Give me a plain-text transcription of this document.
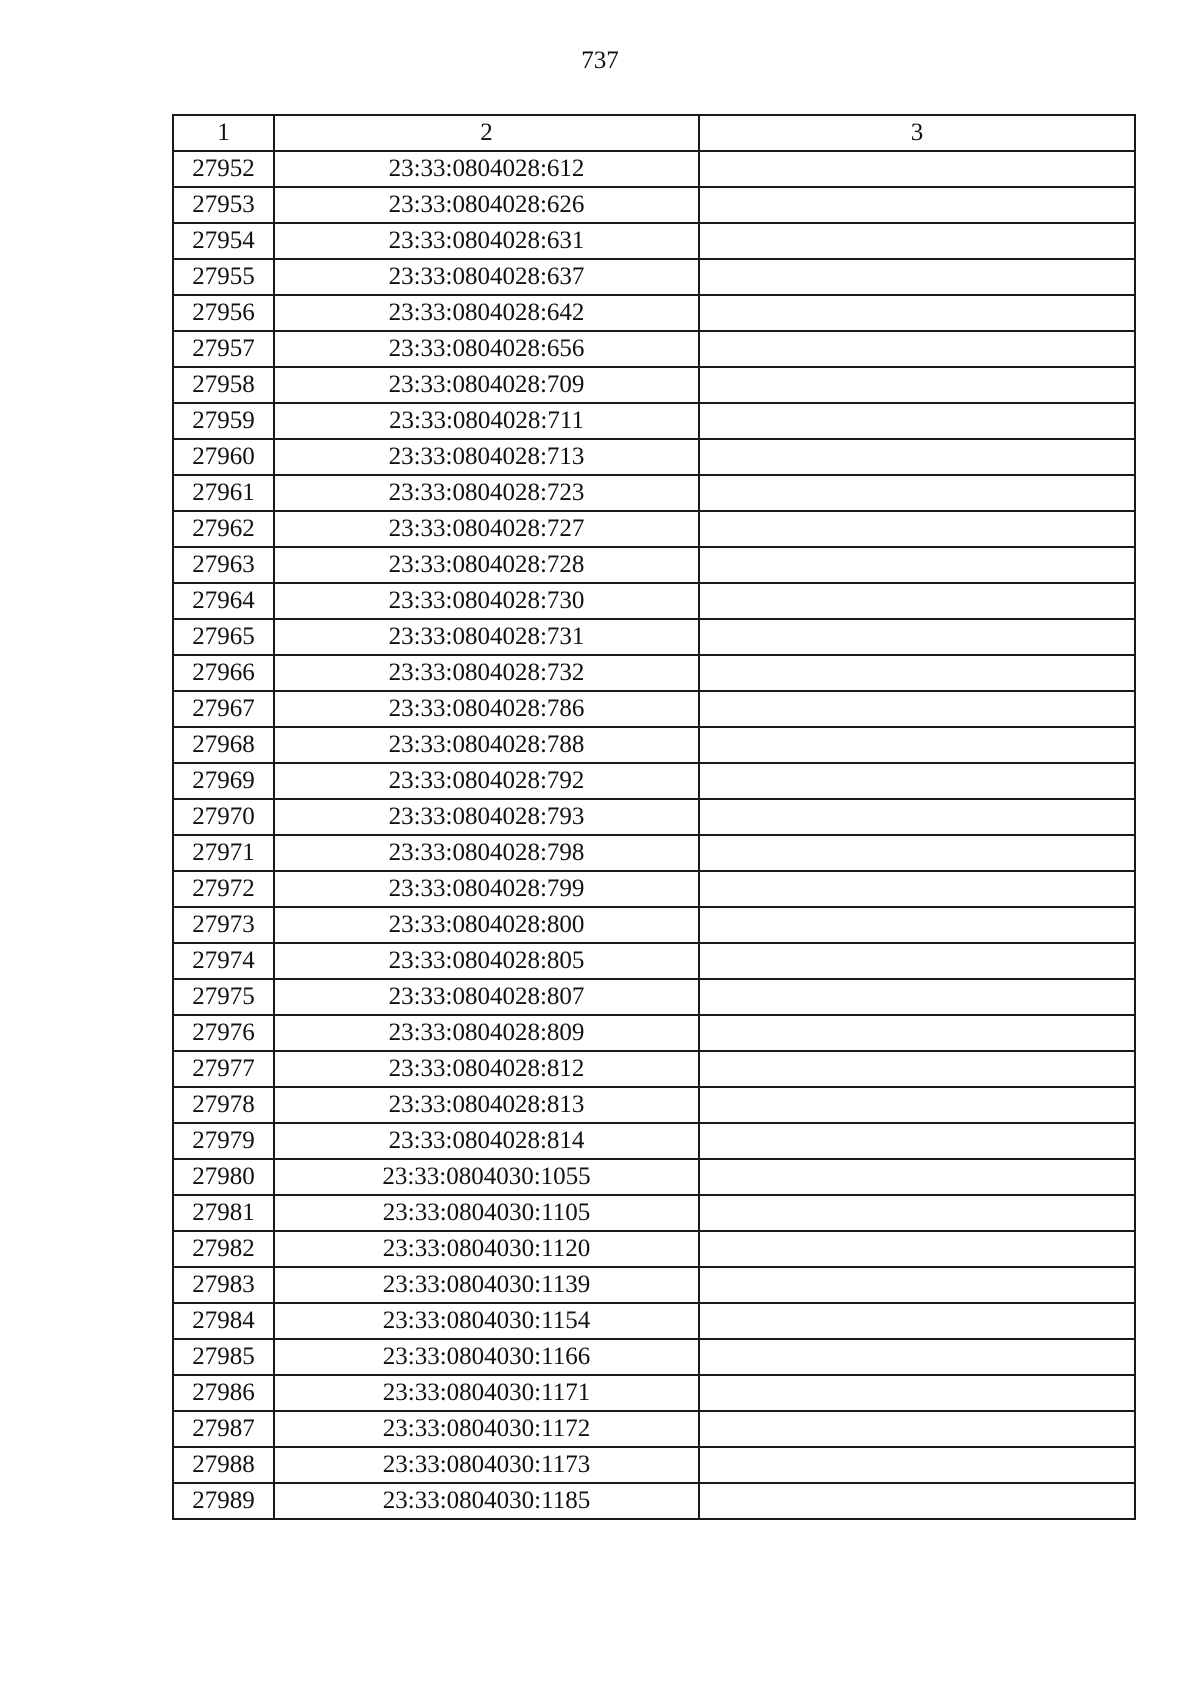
737
1	2	3
27952	23:33:0804028:612	
27953	23:33:0804028:626	
27954	23:33:0804028:631	
27955	23:33:0804028:637	
27956	23:33:0804028:642	
27957	23:33:0804028:656	
27958	23:33:0804028:709	
27959	23:33:0804028:711	
27960	23:33:0804028:713	
27961	23:33:0804028:723	
27962	23:33:0804028:727	
27963	23:33:0804028:728	
27964	23:33:0804028:730	
27965	23:33:0804028:731	
27966	23:33:0804028:732	
27967	23:33:0804028:786	
27968	23:33:0804028:788	
27969	23:33:0804028:792	
27970	23:33:0804028:793	
27971	23:33:0804028:798	
27972	23:33:0804028:799	
27973	23:33:0804028:800	
27974	23:33:0804028:805	
27975	23:33:0804028:807	
27976	23:33:0804028:809	
27977	23:33:0804028:812	
27978	23:33:0804028:813	
27979	23:33:0804028:814	
27980	23:33:0804030:1055	
27981	23:33:0804030:1105	
27982	23:33:0804030:1120	
27983	23:33:0804030:1139	
27984	23:33:0804030:1154	
27985	23:33:0804030:1166	
27986	23:33:0804030:1171	
27987	23:33:0804030:1172	
27988	23:33:0804030:1173	
27989	23:33:0804030:1185	
